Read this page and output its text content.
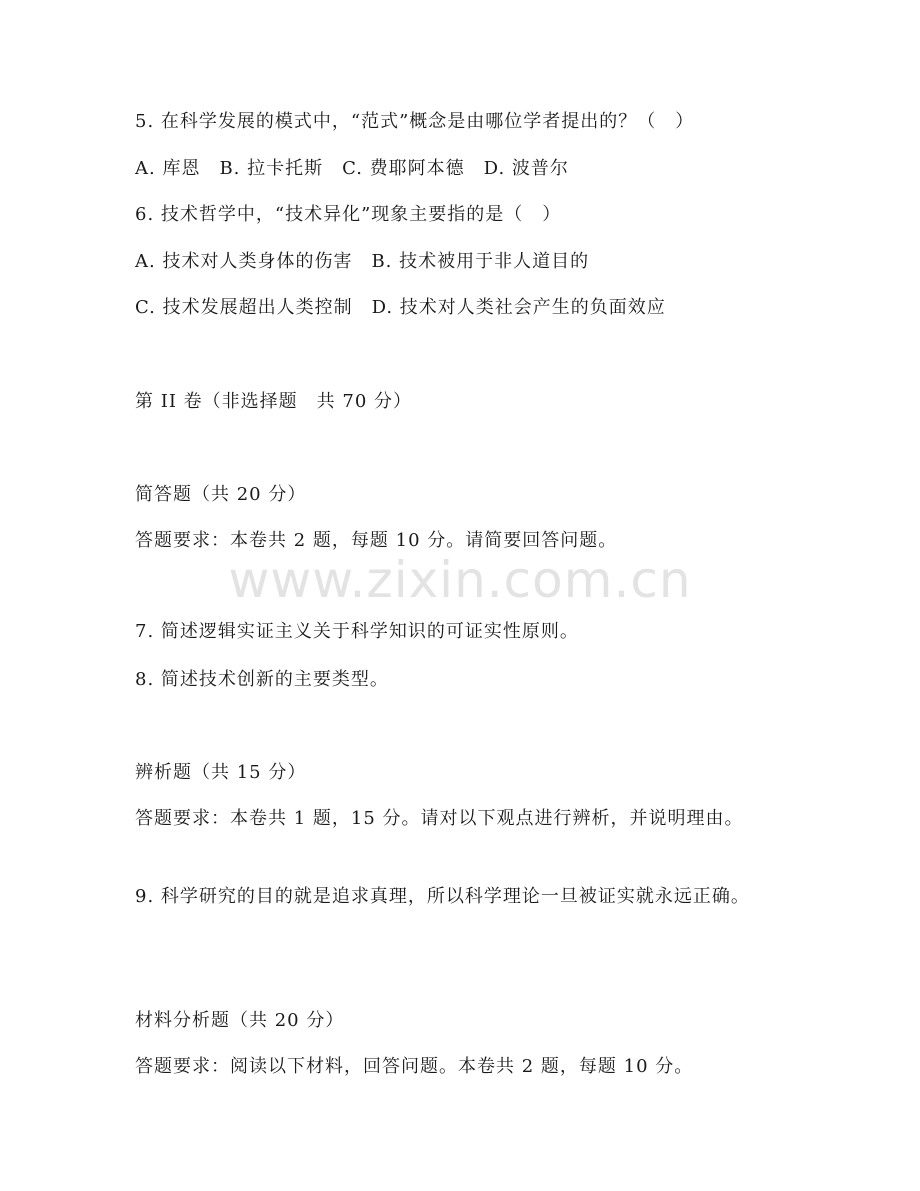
www.zixin.com.cn
5. 在科学发展的模式中，“范式”概念是由哪位学者提出的？（　）
A. 库恩　B. 拉卡托斯　C. 费耶阿本德　D. 波普尔
6. 技术哲学中，“技术异化”现象主要指的是（　）
A. 技术对人类身体的伤害　B. 技术被用于非人道目的
C. 技术发展超出人类控制　D. 技术对人类社会产生的负面效应
第 II 卷（非选择题　共 70 分）
简答题（共 20 分）
答题要求：本卷共 2 题，每题 10 分。请简要回答问题。
7. 简述逻辑实证主义关于科学知识的可证实性原则。
8. 简述技术创新的主要类型。
辨析题（共 15 分）
答题要求：本卷共 1 题，15 分。请对以下观点进行辨析，并说明理由。
9. 科学研究的目的就是追求真理，所以科学理论一旦被证实就永远正确。
材料分析题（共 20 分）
答题要求：阅读以下材料，回答问题。本卷共 2 题，每题 10 分。
